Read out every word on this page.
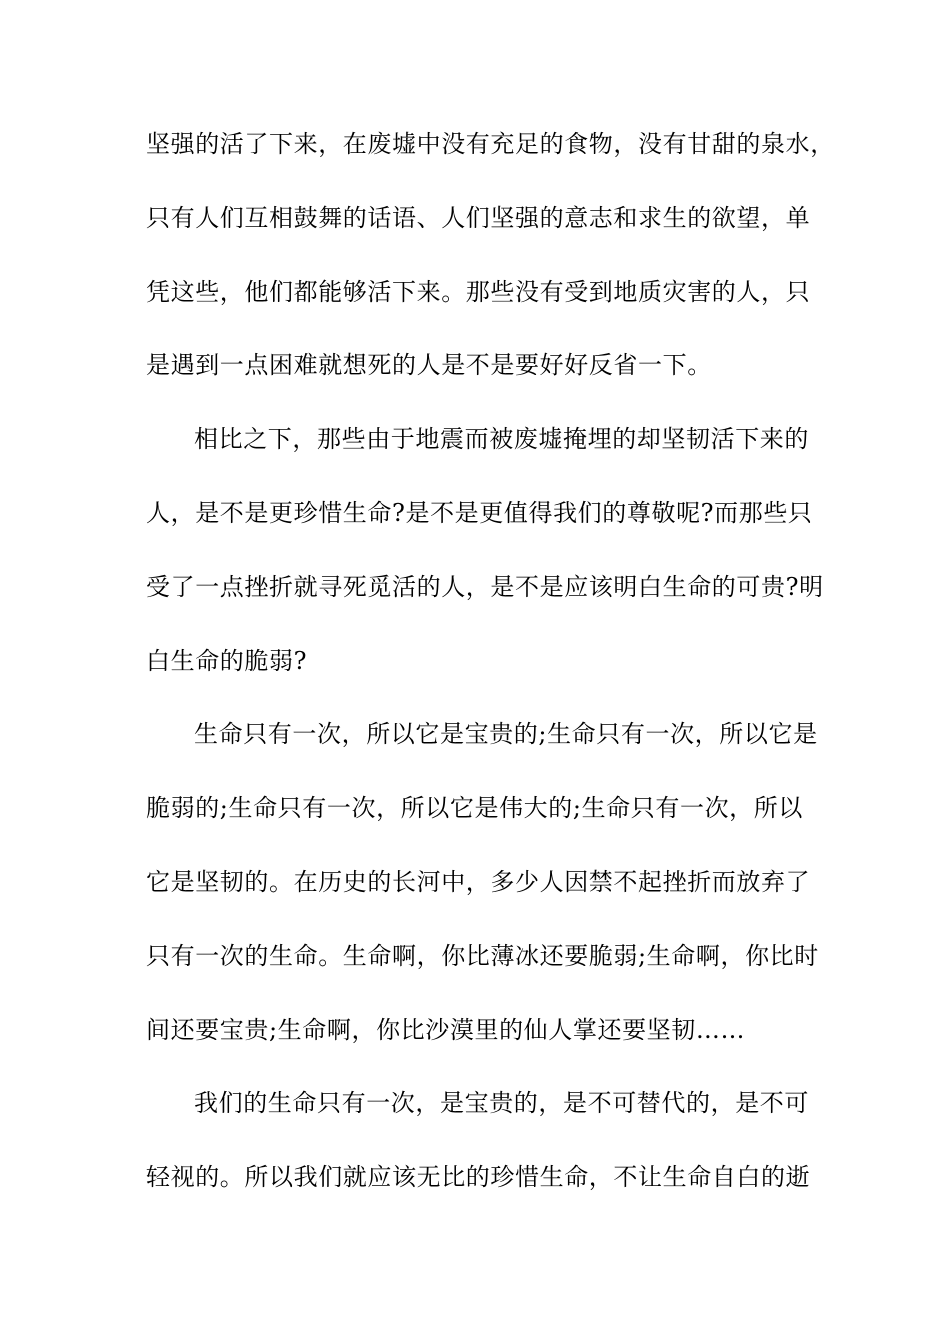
坚强的活了下来，在废墟中没有充足的食物，没有甘甜的泉水，
只有人们互相鼓舞的话语、人们坚强的意志和求生的欲望，单
凭这些，他们都能够活下来。那些没有受到地质灾害的人，只
是遇到一点困难就想死的人是不是要好好反省一下。
相比之下，那些由于地震而被废墟掩埋的却坚韧活下来的
人，是不是更珍惜生命?是不是更值得我们的尊敬呢?而那些只
受了一点挫折就寻死觅活的人，是不是应该明白生命的可贵?明
白生命的脆弱?
生命只有一次，所以它是宝贵的;生命只有一次，所以它是
脆弱的;生命只有一次，所以它是伟大的;生命只有一次，所以
它是坚韧的。在历史的长河中，多少人因禁不起挫折而放弃了
只有一次的生命。生命啊，你比薄冰还要脆弱;生命啊，你比时
间还要宝贵;生命啊，你比沙漠里的仙人掌还要坚韧……
我们的生命只有一次，是宝贵的，是不可替代的，是不可
轻视的。所以我们就应该无比的珍惜生命，不让生命自白的逝
